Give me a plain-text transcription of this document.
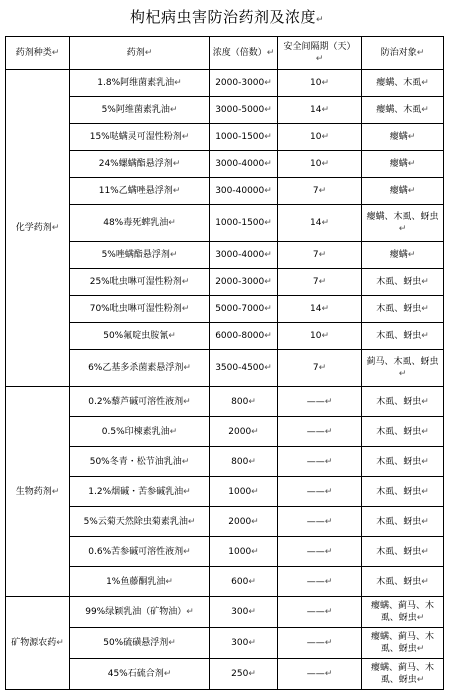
枸杞病虫害防治药剂及浓度↵
药剂种类↵	药剂↵	浓度（倍数）↵	安全间隔期（天）↵	防治对象↵
化学药剂↵	1.8%阿维菌素乳油↵	2000-3000↵	10↵	瘿螨、木虱↵
	5%阿维菌素乳油↵	3000-5000↵	14↵	瘿螨、木虱↵
	15%哒螨灵可湿性粉剂↵	1000-1500↵	10↵	瘿螨↵
	24%螺螨酯悬浮剂↵	3000-4000↵	10↵	瘿螨↵
	11%乙螨唑悬浮剂↵	300-40000↵	7↵	瘿螨↵
	48%毒死蜱乳油↵	1000-1500↵	14↵	瘿螨、木虱、蚜虫↵
	5%唑螨酯悬浮剂↵	3000-4000↵	7↵	瘿螨↵
	25%吡虫啉可湿性粉剂↵	2000-3000↵	7↵	木虱、蚜虫↵
	70%吡虫啉可湿性粉剂↵	5000-7000↵	14↵	木虱、蚜虫↵
	50%氟啶虫胺氰↵	6000-8000↵	10↵	木虱、蚜虫↵
	6%乙基多杀菌素悬浮剂↵	3500-4500↵	7↵	蓟马、木虱、蚜虫↵
生物药剂↵	0.2%藜芦碱可溶性液剂↵	800↵	——↵	木虱、蚜虫↵
	0.5%印楝素乳油↵	2000↵	——↵	木虱、蚜虫↵
	50%冬青・松节油乳油↵	800↵	——↵	木虱、蚜虫↵
	1.2%烟碱・苦参碱乳油↵	1000↵	——↵	木虱、蚜虫↵
	5%云菊天然除虫菊素乳油↵	2000↵	——↵	木虱、蚜虫↵
	0.6%苦参碱可溶性液剂↵	1000↵	——↵	木虱、蚜虫↵
	1%鱼藤酮乳油↵	600↵	——↵	木虱、蚜虫↵
矿物源农药↵	99%绿颖乳油（矿物油）↵	300↵	——↵	瘿螨、蓟马、木虱、蚜虫↵
	50%硫磺悬浮剂↵	300↵	——↵	瘿螨、蓟马、木虱、蚜虫↵
	45%石硫合剂↵	250↵	——↵	瘿螨、蓟马、木虱、蚜虫↵
